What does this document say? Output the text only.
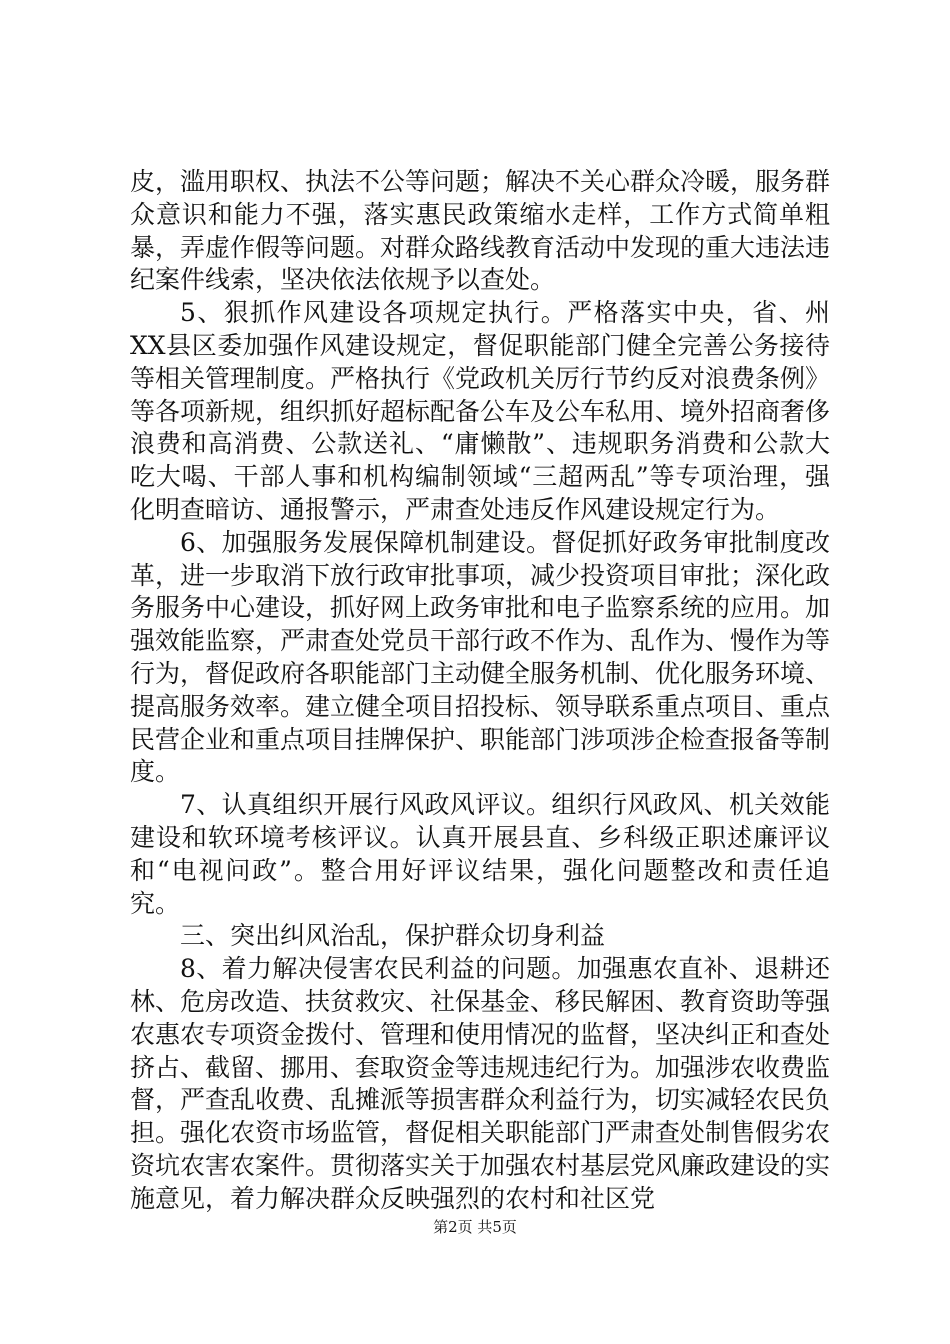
皮，滥用职权、执法不公等问题；解决不关心群众冷暖，服务群众意识和能力不强，落实惠民政策缩水走样，工作方式简单粗暴，弄虚作假等问题。对群众路线教育活动中发现的重大违法违纪案件线索，坚决依法依规予以查处。

5、狠抓作风建设各项规定执行。严格落实中央，省、州XX县区委加强作风建设规定，督促职能部门健全完善公务接待等相关管理制度。严格执行《党政机关厉行节约反对浪费条例》等各项新规，组织抓好超标配备公车及公车私用、境外招商奢侈浪费和高消费、公款送礼、“庸懒散”、违规职务消费和公款大吃大喝、干部人事和机构编制领域“三超两乱”等专项治理，强化明查暗访、通报警示，严肃查处违反作风建设规定行为。

6、加强服务发展保障机制建设。督促抓好政务审批制度改革，进一步取消下放行政审批事项，减少投资项目审批；深化政务服务中心建设，抓好网上政务审批和电子监察系统的应用。加强效能监察，严肃查处党员干部行政不作为、乱作为、慢作为等行为，督促政府各职能部门主动健全服务机制、优化服务环境、提高服务效率。建立健全项目招投标、领导联系重点项目、重点民营企业和重点项目挂牌保护、职能部门涉项涉企检查报备等制度。

7、认真组织开展行风政风评议。组织行风政风、机关效能建设和软环境考核评议。认真开展县直、乡科级正职述廉评议和“电视问政”。整合用好评议结果，强化问题整改和责任追究。

三、突出纠风治乱，保护群众切身利益

8、着力解决侵害农民利益的问题。加强惠农直补、退耕还林、危房改造、扶贫救灾、社保基金、移民解困、教育资助等强农惠农专项资金拨付、管理和使用情况的监督，坚决纠正和查处挤占、截留、挪用、套取资金等违规违纪行为。加强涉农收费监督，严查乱收费、乱摊派等损害群众利益行为，切实减轻农民负担。强化农资市场监管，督促相关职能部门严肃查处制售假劣农资坑农害农案件。贯彻落实关于加强农村基层党风廉政建设的实施意见，着力解决群众反映强烈的农村和社区党

第2页 共5页
